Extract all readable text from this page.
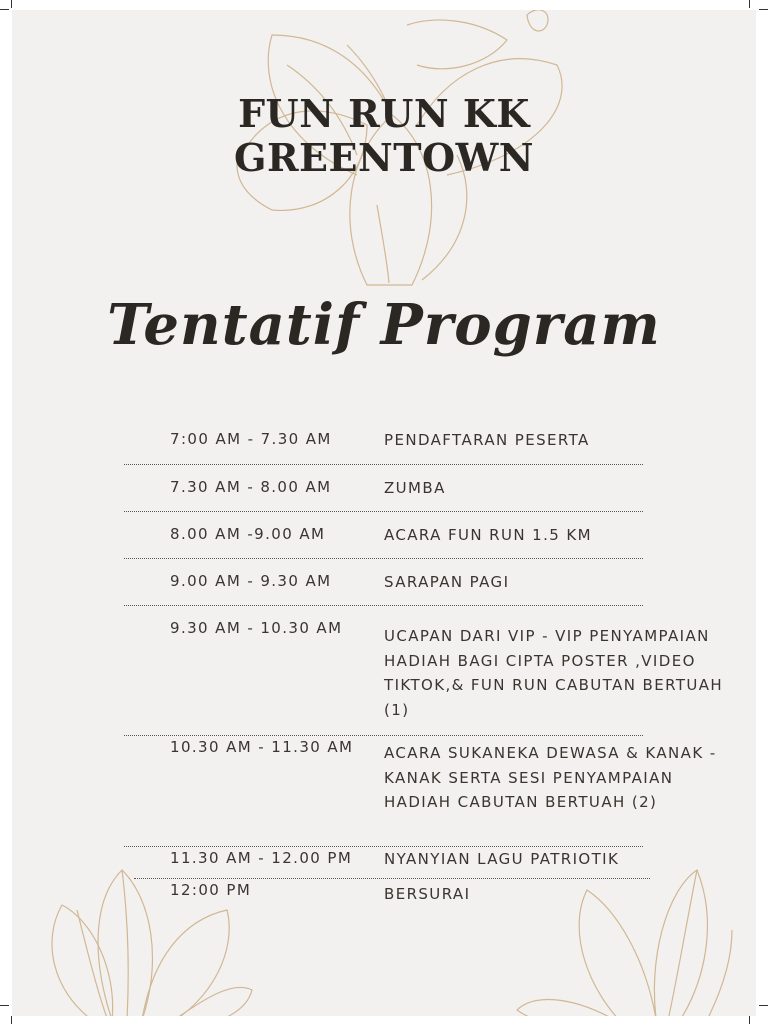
FUN RUN KK
GREENTOWN
Tentatif Program
7:00 AM - 7.30 AM	PENDAFTARAN PESERTA
7.30 AM - 8.00 AM	ZUMBA
8.00 AM -9.00 AM	ACARA FUN RUN 1.5 KM
9.00 AM - 9.30 AM	SARAPAN PAGI
9.30 AM - 10.30 AM	UCAPAN DARI VIP - VIP PENYAMPAIAN HADIAH BAGI CIPTA POSTER ,VIDEO TIKTOK,& FUN RUN CABUTAN BERTUAH (1)
10.30 AM - 11.30 AM ACARA SUKANEKA DEWASA & KANAK - KANAK SERTA SESI PENYAMPAIAN HADIAH CABUTAN BERTUAH (2)
11.30 AM - 12.00 PM NYANYIAN LAGU PATRIOTIK
12:00 PM	BERSURAI
